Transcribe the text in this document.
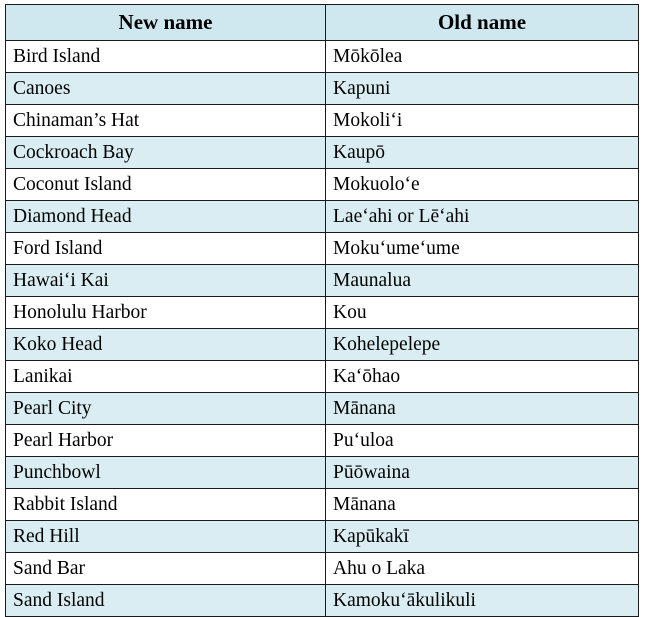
New name	Old name
Bird Island	Mōkōlea
Canoes	Kapuni
Chinaman’s Hat	Mokoli‘i
Cockroach Bay	Kaupō
Coconut Island	Mokuolo‘e
Diamond Head	Lae‘ahi or Lē‘ahi
Ford Island	Moku‘ume‘ume
Hawai‘i Kai	Maunalua
Honolulu Harbor	Kou
Koko Head	Kohelepelepe
Lanikai	Ka‘ōhao
Pearl City	Mānana
Pearl Harbor	Pu‘uloa
Punchbowl	Pūōwaina
Rabbit Island	Mānana
Red Hill	Kapūkakī
Sand Bar	Ahu o Laka
Sand Island	Kamoku‘ākulikuli
